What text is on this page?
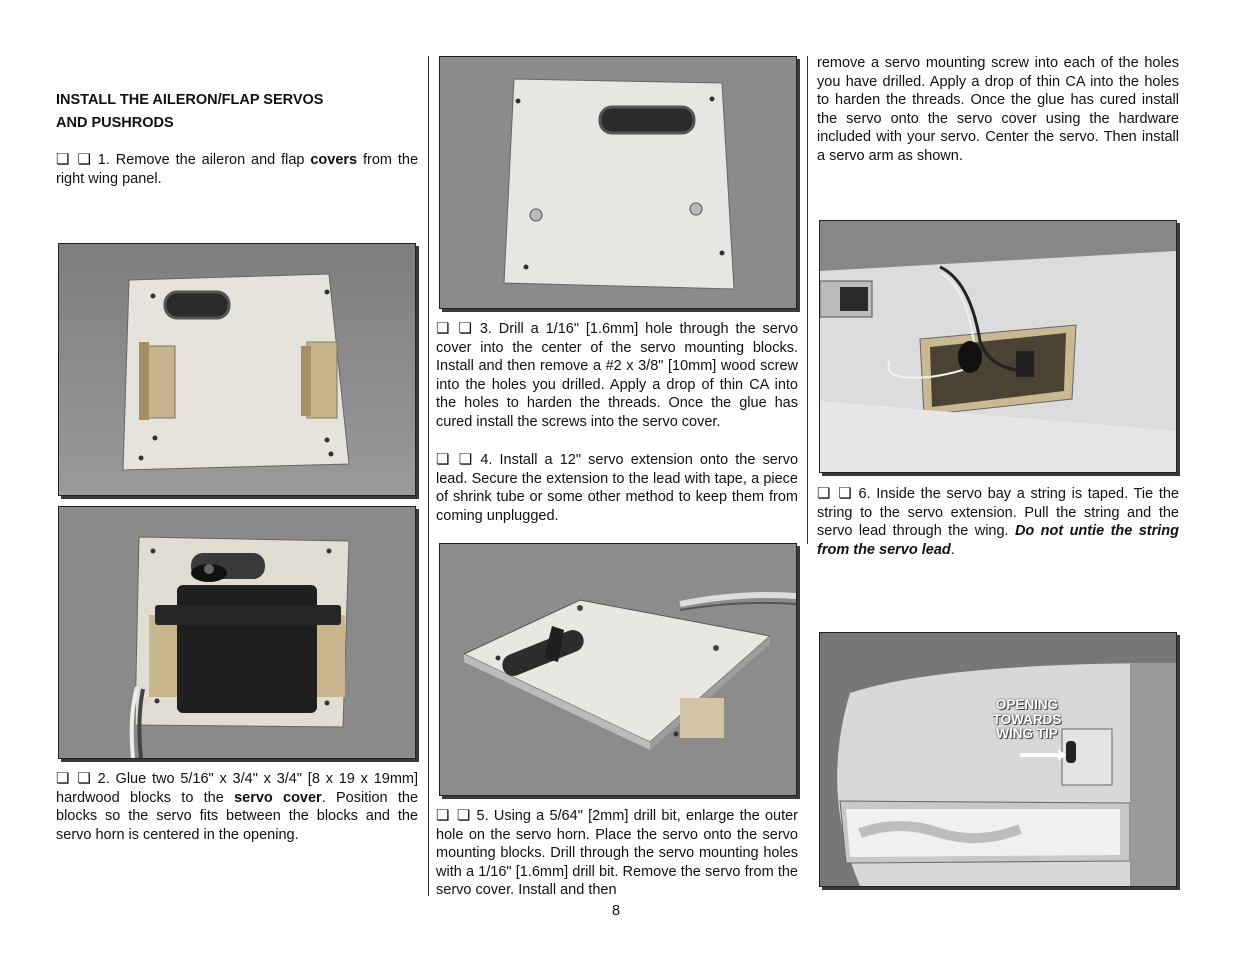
INSTALL THE AILERON/FLAP SERVOS
AND PUSHRODS
❏ ❏ 1. Remove the aileron and flap covers from the right wing panel.
❏ ❏ 2. Glue two 5/16" x 3/4" x 3/4" [8 x 19 x 19mm] hardwood blocks to the servo cover. Position the blocks so the servo fits between the blocks and the servo horn is centered in the opening.
❏ ❏ 3. Drill a 1/16" [1.6mm] hole through the servo cover into the center of the servo mounting blocks. Install and then remove a #2 x 3/8" [10mm] wood screw into the holes you drilled. Apply a drop of thin CA into the holes to harden the threads. Once the glue has cured install the screws into the servo cover.
❏ ❏ 4. Install a 12" servo extension onto the servo lead. Secure the extension to the lead with tape, a piece of shrink tube or some other method to keep them from coming unplugged.
❏ ❏ 5. Using a 5/64" [2mm] drill bit, enlarge the outer hole on the servo horn. Place the servo onto the servo mounting blocks. Drill through the servo mounting holes with a 1/16" [1.6mm] drill bit. Remove the servo from the servo cover. Install and then
remove a servo mounting screw into each of the holes you have drilled. Apply a drop of thin CA into the holes to harden the threads. Once the glue has cured install the servo onto the servo cover using the hardware included with your servo. Center the servo. Then install a servo arm as shown.
❏ ❏ 6. Inside the servo bay a string is taped. Tie the string to the servo extension. Pull the string and the servo lead through the wing. Do not untie the string from the servo lead.
OPENING
TOWARDS
WING TIP
8
